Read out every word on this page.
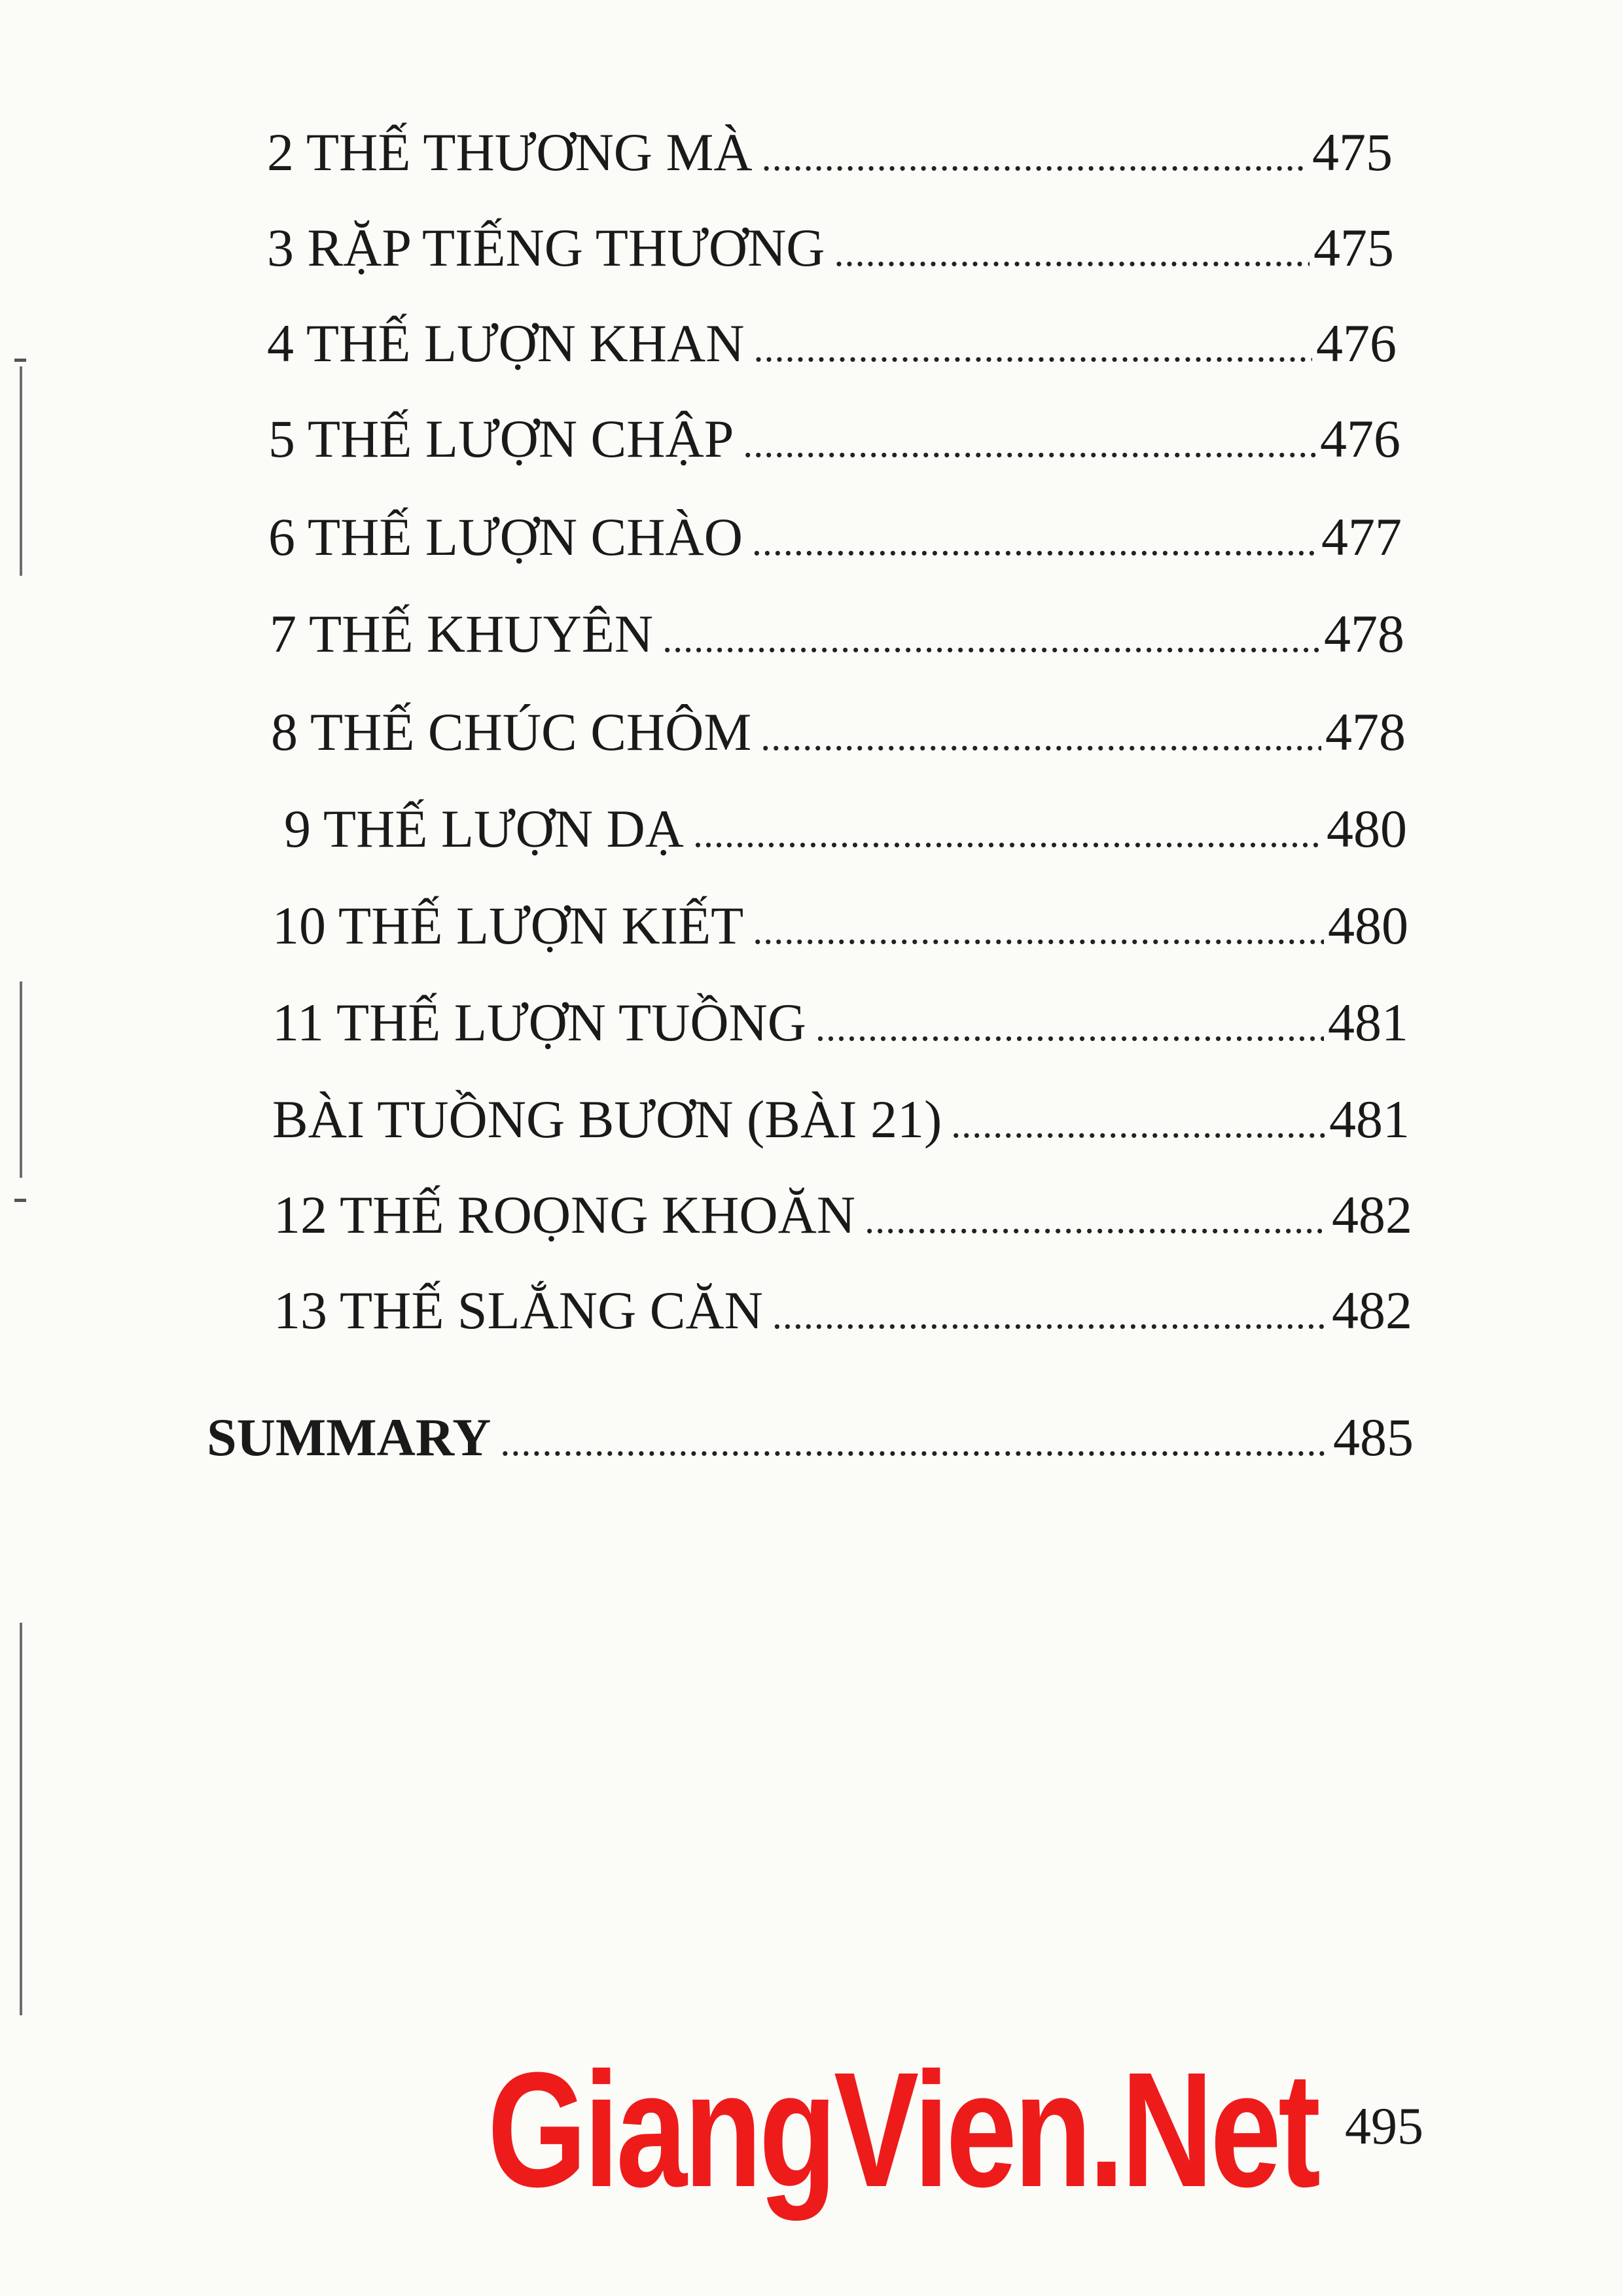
2 THẾ THƯƠNG MÀ .....	475
3 RẶP TIẾNG THƯƠNG .....	475
4 THẾ LƯỢN KHAN .....	476
5 THẾ LƯỢN CHẬP .....	476
6 THẾ LƯỢN CHÀO .....	477
7 THẾ KHUYÊN .....	478
8 THẾ CHÚC CHÔM .....	478
9 THẾ LƯỢN DẠ .....	480
10 THẾ LƯỢN KIẾT .....	480
11 THẾ LƯỢN TUỒNG .....	481
BÀI TUỒNG BƯƠN (BÀI 21) .....	481
12 THẾ ROỌNG KHOĂN .....	482
13 THẾ SLẮNG CĂN .....	482
SUMMARY .....	485
GiangVien.Net 495
